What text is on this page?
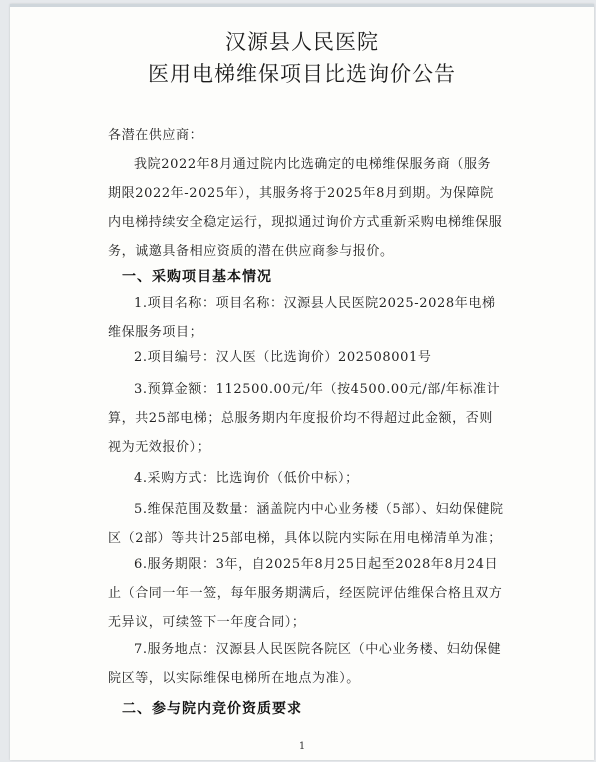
汉源县人民医院
医用电梯维保项目比选询价公告

各潜在供应商：

我院2022年8月通过院内比选确定的电梯维保服务商（服务期限2022年-2025年），其服务将于2025年8月到期。为保障院内电梯持续安全稳定运行，现拟通过询价方式重新采购电梯维保服务，诚邀具备相应资质的潜在供应商参与报价。

一、采购项目基本情况

1.项目名称：项目名称：汉源县人民医院2025-2028年电梯维保服务项目；

2.项目编号：汉人医（比选询价）202508001号

3.预算金额：112500.00元/年（按4500.00元/部/年标准计算，共25部电梯；总服务期内年度报价均不得超过此金额，否则视为无效报价）；

4.采购方式：比选询价（低价中标）；

5.维保范围及数量：涵盖院内中心业务楼（5部）、妇幼保健院区（2部）等共计25部电梯，具体以院内实际在用电梯清单为准；

6.服务期限：3年，自2025年8月25日起至2028年8月24日止（合同一年一签，每年服务期满后，经医院评估维保合格且双方无异议，可续签下一年度合同）；

7.服务地点：汉源县人民医院各院区（中心业务楼、妇幼保健院区等，以实际维保电梯所在地点为准）。

二、参与院内竞价资质要求

1
